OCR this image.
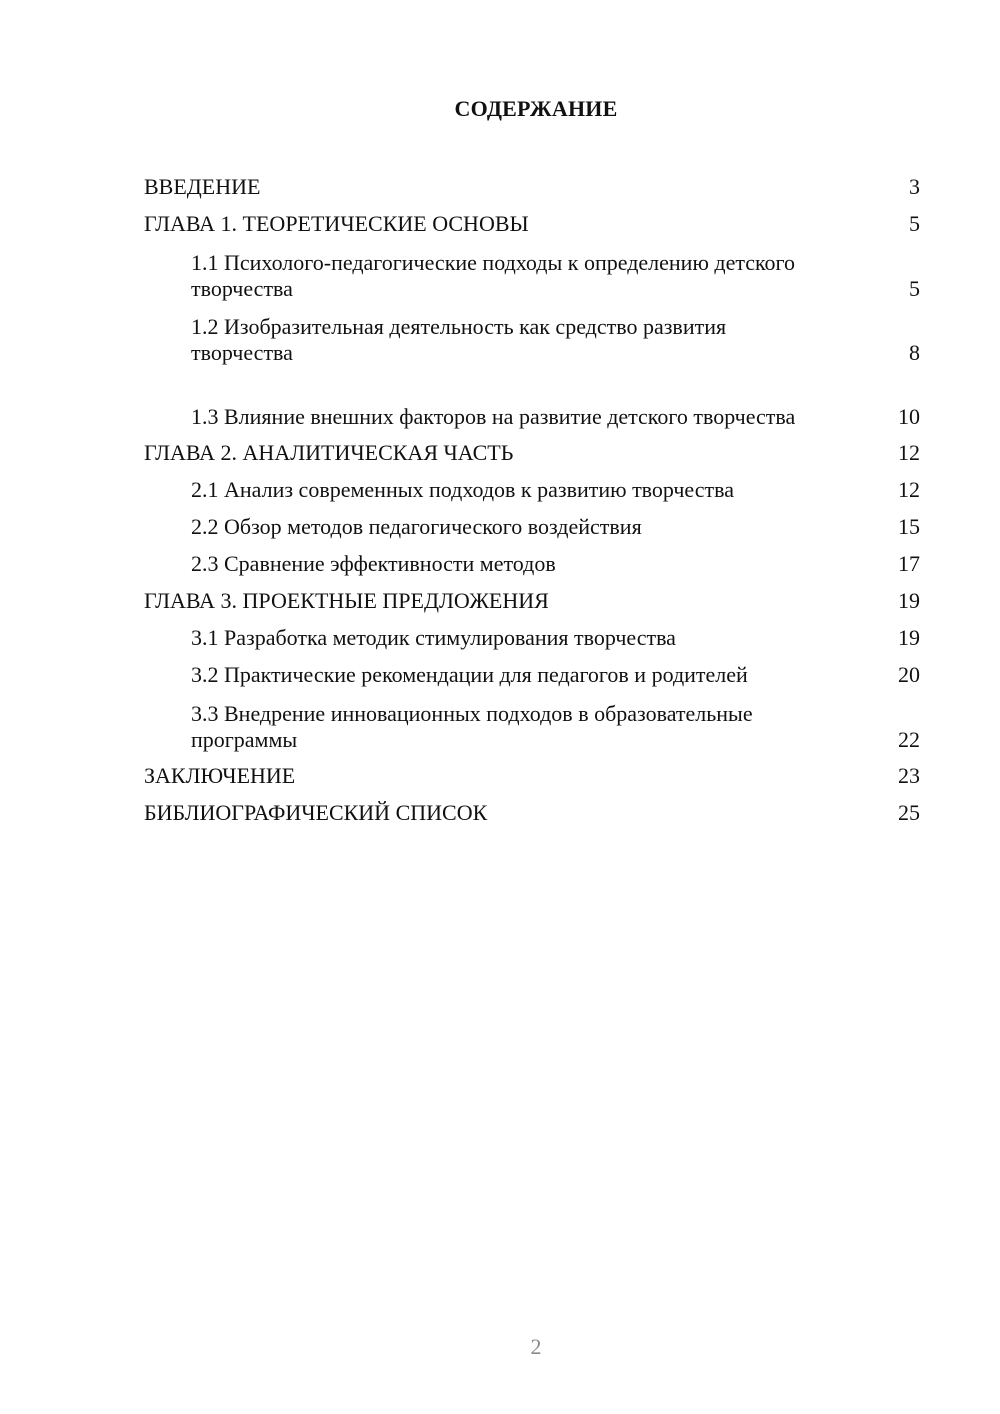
СОДЕРЖАНИЕ
ВВЕДЕНИЕ	3
ГЛАВА 1. ТЕОРЕТИЧЕСКИЕ ОСНОВЫ	5
1.1 Психолого-педагогические подходы к определению детского творчества	5
1.2 Изобразительная деятельность как средство развития творчества	8
1.3 Влияние внешних факторов на развитие детского творчества	10
ГЛАВА 2. АНАЛИТИЧЕСКАЯ ЧАСТЬ	12
2.1 Анализ современных подходов к развитию творчества	12
2.2 Обзор методов педагогического воздействия	15
2.3 Сравнение эффективности методов	17
ГЛАВА 3. ПРОЕКТНЫЕ ПРЕДЛОЖЕНИЯ	19
3.1 Разработка методик стимулирования творчества	19
3.2 Практические рекомендации для педагогов и родителей	20
3.3 Внедрение инновационных подходов в образовательные программы	22
ЗАКЛЮЧЕНИЕ	23
БИБЛИОГРАФИЧЕСКИЙ СПИСОК	25
2
